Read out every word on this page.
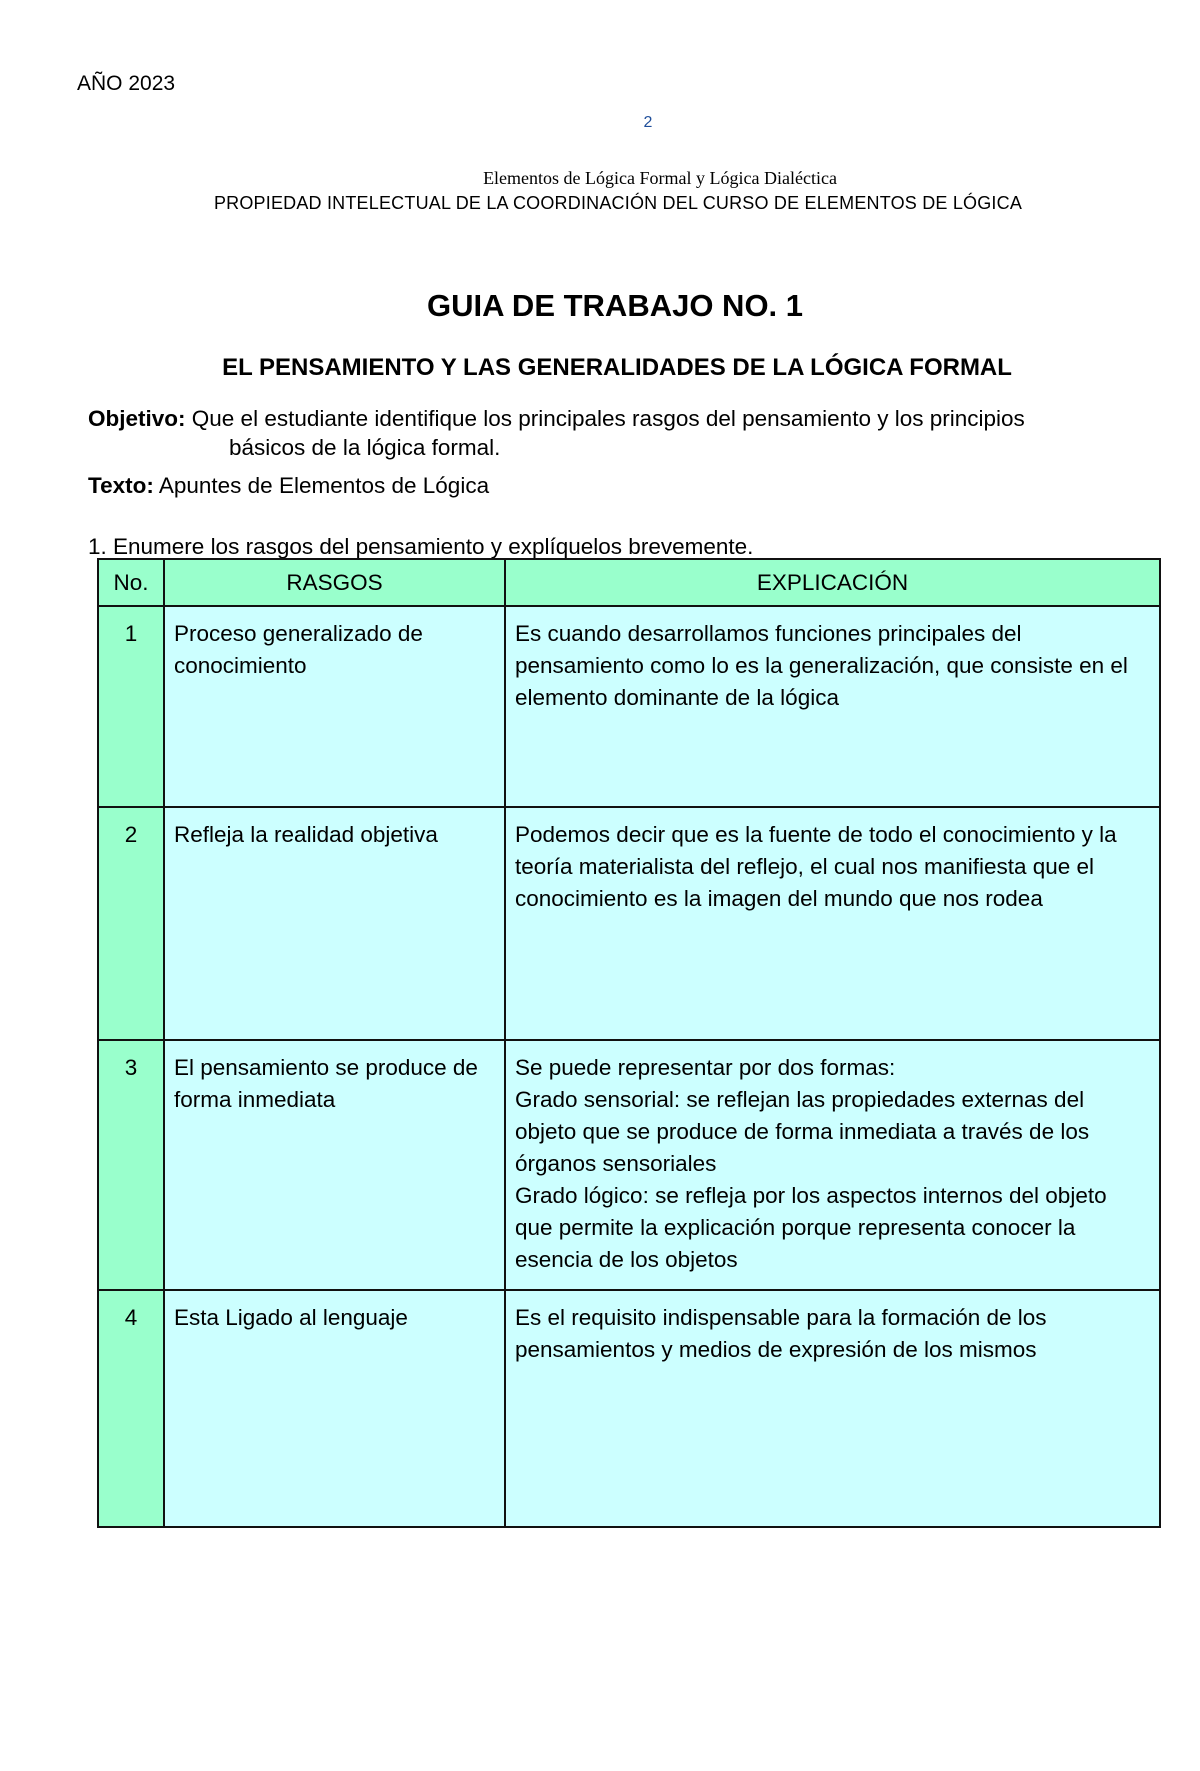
AÑO 2023
2
Elementos de Lógica Formal y Lógica Dialéctica
PROPIEDAD INTELECTUAL DE LA COORDINACIÓN DEL CURSO DE ELEMENTOS DE LÓGICA
GUIA DE TRABAJO NO. 1
EL PENSAMIENTO Y LAS GENERALIDADES DE LA LÓGICA FORMAL
Objetivo: Que el estudiante identifique los principales rasgos del pensamiento y los principios
básicos de la lógica formal.
Texto: Apuntes de Elementos de Lógica
1. Enumere los rasgos del pensamiento y explíquelos brevemente.
No.	RASGOS	EXPLICACIÓN
1	Proceso generalizado de conocimiento	Es cuando desarrollamos funciones principales del pensamiento como lo es la generalización, que consiste en el elemento dominante de la lógica

2	Refleja la realidad objetiva	Podemos decir que es la fuente de todo el conocimiento y la teoría materialista del reflejo, el cual nos manifiesta que el conocimiento es la imagen del mundo que nos rodea

3	El pensamiento se produce de forma inmediata	Se puede representar por dos formas:
Grado sensorial: se reflejan las propiedades externas del objeto que se produce de forma inmediata a través de los órganos sensoriales
Grado lógico: se refleja por los aspectos internos del objeto que permite la explicación porque representa conocer la esencia de los objetos

4	Esta Ligado al lenguaje	Es el requisito indispensable para la formación de los pensamientos y medios de expresión de los mismos
